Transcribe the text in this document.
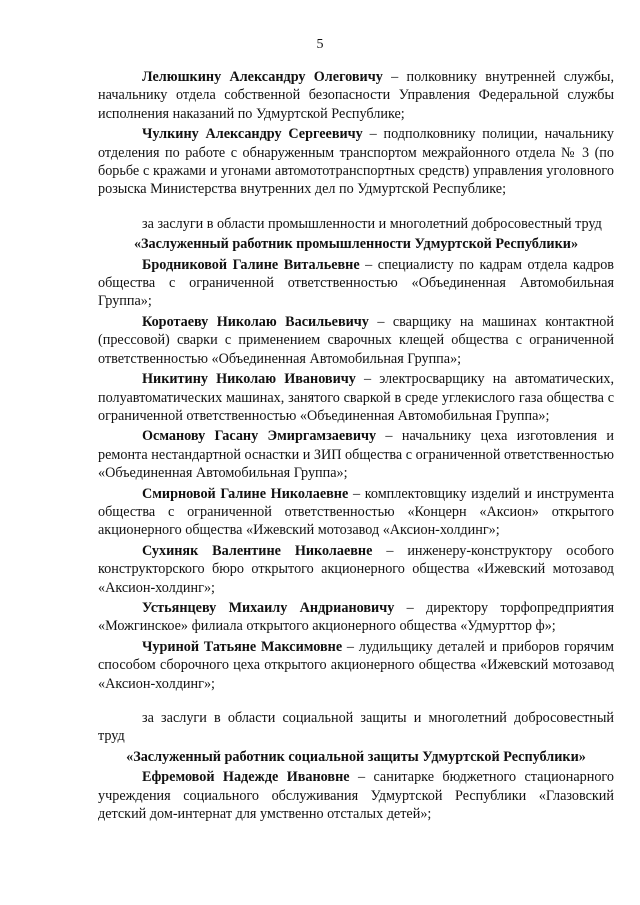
5

Лелюшкину Александру Олеговичу – полковнику внутренней службы, начальнику отдела собственной безопасности Управления Федеральной службы исполнения наказаний по Удмуртской Республике;

Чулкину Александру Сергеевичу – подполковнику полиции, начальнику отделения по работе с обнаруженным транспортом межрайонного отдела № 3 (по борьбе с кражами и угонами автомототранспортных средств) управления уголовного розыска Министерства внутренних дел по Удмуртской Республике;

за заслуги в области промышленности и многолетний добросовестный труд

«Заслуженный работник промышленности Удмуртской Республики»

Бродниковой Галине Витальевне – специалисту по кадрам отдела кадров общества с ограниченной ответственностью «Объединенная Автомобильная Группа»;

Коротаеву Николаю Васильевичу – сварщику на машинах контактной (прессовой) сварки с применением сварочных клещей общества с ограниченной ответственностью «Объединенная Автомобильная Группа»;

Никитину Николаю Ивановичу – электросварщику на автоматических, полуавтоматических машинах, занятого сваркой в среде углекислого газа общества с ограниченной ответственностью «Объединенная Автомобильная Группа»;

Османову Гасану Эмиргамзаевичу – начальнику цеха изготовления и ремонта нестандартной оснастки и ЗИП общества с ограниченной ответственностью «Объединенная Автомобильная Группа»;

Смирновой Галине Николаевне – комплектовщику изделий и инструмента общества с ограниченной ответственностью «Концерн «Аксион» открытого акционерного общества «Ижевский мотозавод «Аксион-холдинг»;

Сухиняк Валентине Николаевне – инженеру-конструктору особого конструкторского бюро открытого акционерного общества «Ижевский мотозавод «Аксион-холдинг»;

Устьянцеву Михаилу Андриановичу – директору торфопредприятия «Можгинское» филиала открытого акционерного общества «Удмурттор ф»;

Чуриной Татьяне Максимовне – лудильщику деталей и приборов горячим способом сборочного цеха открытого акционерного общества «Ижевский мотозавод «Аксион-холдинг»;

за заслуги в области социальной защиты и многолетний добросовестный труд

«Заслуженный работник социальной защиты Удмуртской Республики»

Ефремовой Надежде Ивановне – санитарке бюджетного стационарного учреждения социального обслуживания Удмуртской Республики «Глазовский детский дом-интернат для умственно отсталых детей»;
